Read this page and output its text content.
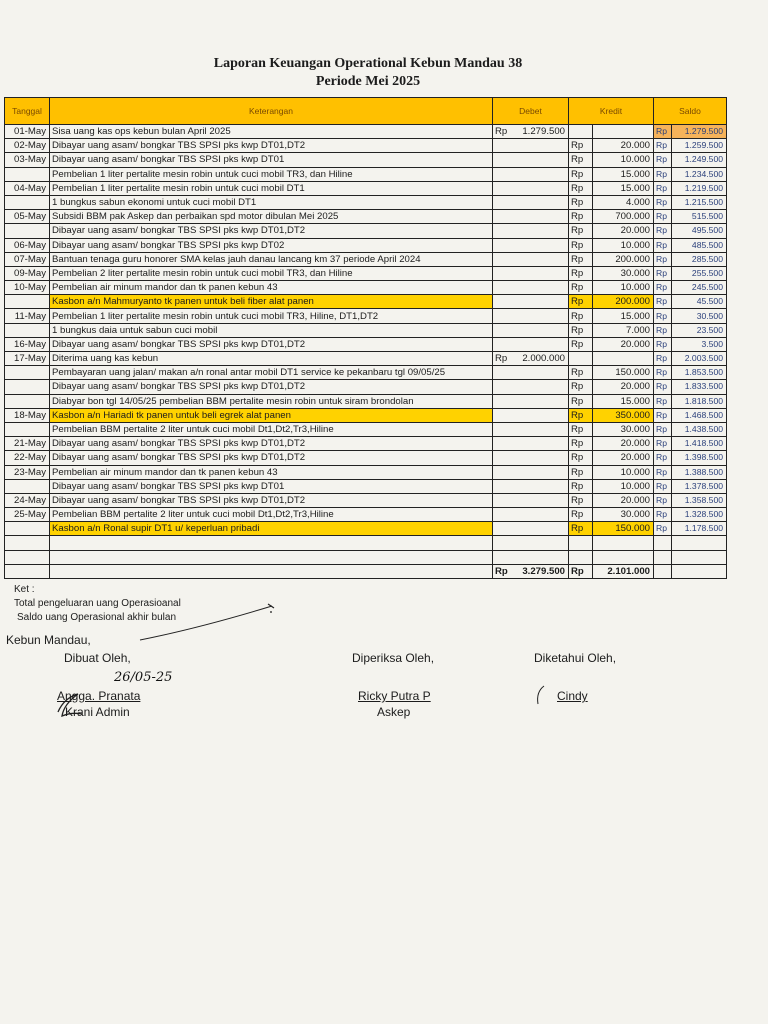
Laporan Keuangan Operational Kebun Mandau 38
Periode Mei 2025
Tanggal	Keterangan	Debet	Kredit		Saldo	
01-May	Sisa uang kas ops kebun bulan April 2025	Rp 1.279.500			Rp	1.279.500
02-May	Dibayar uang asam/ bongkar TBS SPSI pks kwp DT01,DT2		Rp	20.000	Rp	1.259.500
03-May	Dibayar uang asam/ bongkar TBS SPSI pks kwp DT01		Rp	10.000	Rp	1.249.500
	Pembelian 1 liter pertalite mesin robin untuk cuci mobil TR3, dan Hiline		Rp	15.000	Rp	1.234.500
04-May	Pembelian 1 liter pertalite mesin robin untuk cuci mobil DT1		Rp	15.000	Rp	1.219.500
	1 bungkus sabun ekonomi untuk cuci mobil DT1		Rp	4.000	Rp	1.215.500
05-May	Subsidi BBM pak Askep dan perbaikan spd motor dibulan Mei 2025		Rp	700.000	Rp	515.500
	Dibayar uang asam/ bongkar TBS SPSI pks kwp DT01,DT2		Rp	20.000	Rp	495.500
06-May	Dibayar uang asam/ bongkar TBS SPSI pks kwp DT02		Rp	10.000	Rp	485.500
07-May	Bantuan tenaga guru honorer SMA kelas jauh danau lancang km 37 periode April 2024		Rp	200.000	Rp	285.500
09-May	Pembelian 2 liter pertalite mesin robin untuk cuci mobil TR3, dan Hiline		Rp	30.000	Rp	255.500
10-May	Pembelian air minum mandor dan tk panen kebun 43		Rp	10.000	Rp	245.500
	Kasbon a/n Mahmuryanto tk panen untuk beli fiber alat panen		Rp	200.000	Rp	45.500
11-May	Pembelian 1 liter pertalite mesin robin untuk cuci mobil TR3, Hiline, DT1,DT2		Rp	15.000	Rp	30.500
	1 bungkus daia untuk sabun cuci mobil		Rp	7.000	Rp	23.500
16-May	Dibayar uang asam/ bongkar TBS SPSI pks kwp DT01,DT2		Rp	20.000	Rp	3.500
17-May	Diterima uang kas kebun	Rp 2.000.000			Rp	2.003.500
	Pembayaran uang jalan/ makan a/n ronal antar mobil DT1 service ke pekanbaru tgl 09/05/25		Rp	150.000	Rp	1.853.500
	Dibayar uang asam/ bongkar TBS SPSI pks kwp DT01,DT2		Rp	20.000	Rp	1.833.500
	Diabyar bon tgl 14/05/25 pembelian BBM pertalite mesin robin untuk siram brondolan		Rp	15.000	Rp	1.818.500
18-May	Kasbon a/n Hariadi tk panen untuk beli egrek alat panen		Rp	350.000	Rp	1.468.500
	Pembelian BBM pertalite 2 liter untuk cuci mobil Dt1,Dt2,Tr3,Hiline		Rp	30.000	Rp	1.438.500
21-May	Dibayar uang asam/ bongkar TBS SPSI pks kwp DT01,DT2		Rp	20.000	Rp	1.418.500
22-May	Dibayar uang asam/ bongkar TBS SPSI pks kwp DT01,DT2		Rp	20.000	Rp	1.398.500
23-May	Pembelian air minum mandor dan tk panen kebun 43		Rp	10.000	Rp	1.388.500
	Dibayar uang asam/ bongkar TBS SPSI pks kwp DT01		Rp	10.000	Rp	1.378.500
24-May	Dibayar uang asam/ bongkar TBS SPSI pks kwp DT01,DT2		Rp	20.000	Rp	1.358.500
25-May	Pembelian BBM pertalite 2 liter untuk cuci mobil Dt1,Dt2,Tr3,Hiline		Rp	30.000	Rp	1.328.500
	Kasbon a/n Ronal supir DT1 u/ keperluan pribadi		Rp	150.000	Rp	1.178.500

		Rp 3.279.500	Rp	2.101.000		
Ket :
Total pengeluaran uang Operasioanal
Saldo uang Operasional akhir bulan
Kebun Mandau,
Dibuat Oleh,
26/05-25
Angga. Pranata
Krani Admin
Diperiksa Oleh,
Ricky Putra P
Askep
Diketahui Oleh,
Cindy
